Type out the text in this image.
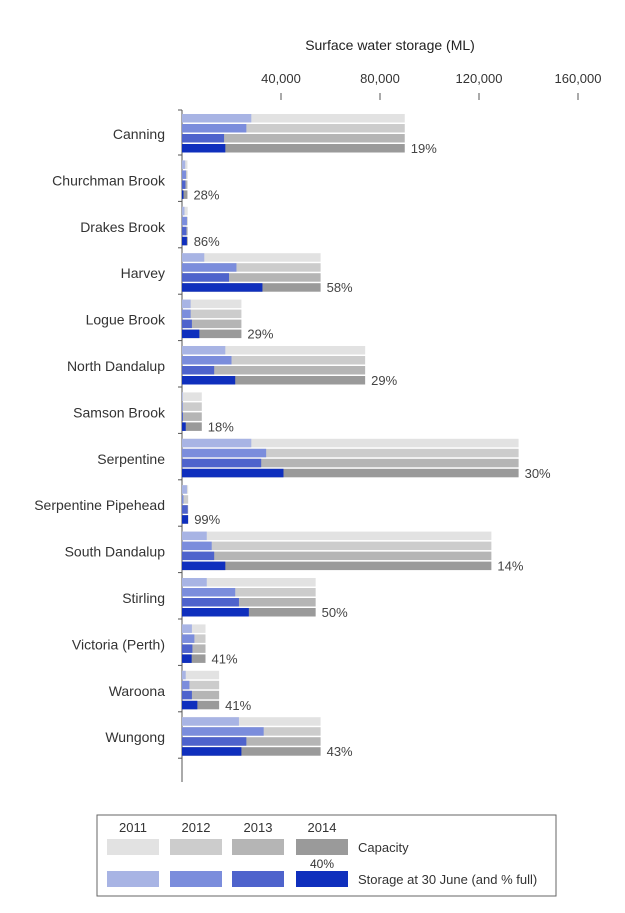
Surface water storage (ML)
40,000	80,000	120,000	160,000
Canning
19%
Churchman Brook
28%
Drakes Brook
86%
Harvey
58%
Logue Brook
29%
North Dandalup
29%
Samson Brook
18%
Serpentine
30%
Serpentine Pipehead
99%
South Dandalup
14%
Stirling
50%
Victoria (Perth)
41%
Waroona
41%
Wungong
43%
2011	2012	2013	2014
Capacity
Storage at 30 June (and % full)
40%
